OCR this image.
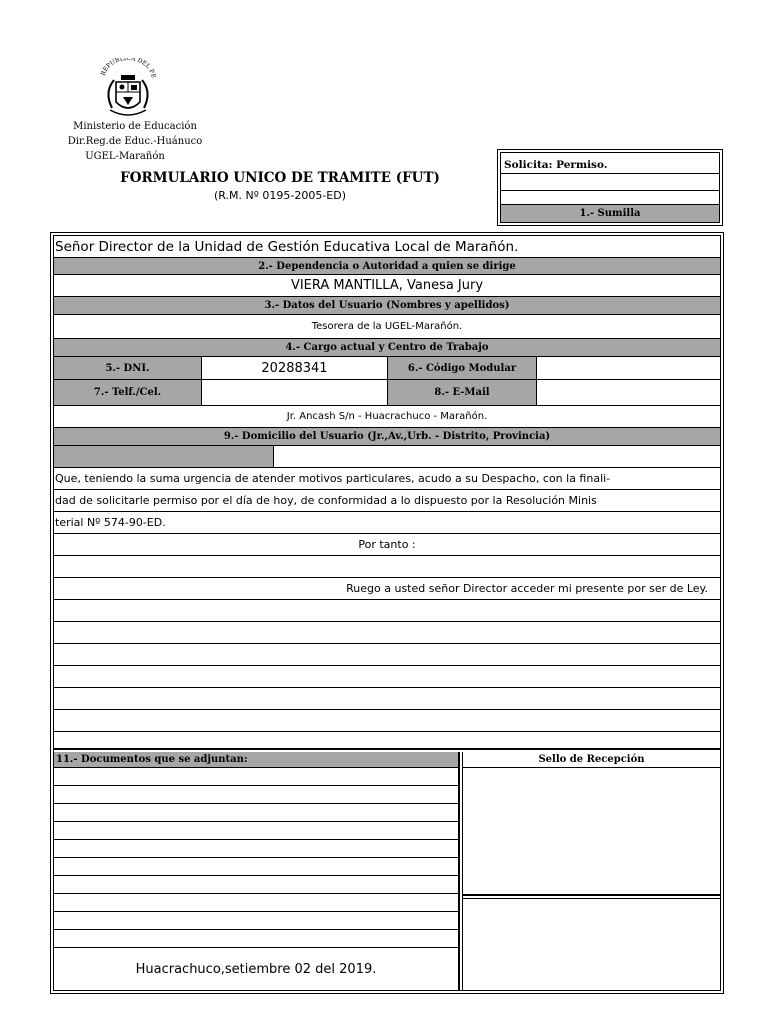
REPUBLICA DEL PE
Ministerio de Educación
Dir.Reg.de Educ.-Huánuco
UGEL-Marañón
FORMULARIO UNICO DE TRAMITE (FUT)
(R.M. Nº 0195-2005-ED)
Solicita: Permiso.
1.- Sumilla
Señor Director de la Unidad de Gestión Educativa Local de Marañón.
2.- Dependencia o Autoridad a quien se dirige
VIERA MANTILLA, Vanesa Jury
3.- Datos del Usuario (Nombres y apellidos)
Tesorera de la UGEL-Marañón.
4.- Cargo actual y Centro de Trabajo
5.- DNI.	20288341	6.- Código Modular
7.- Telf./Cel.	8.- E-Mail
Jr. Ancash S/n - Huacrachuco - Marañón.
9.- Domicilio del Usuario (Jr.,Av.,Urb. - Distrito, Provincia)
Que, teniendo la suma urgencia de atender motivos particulares, acudo a su Despacho, con la finali-
dad de solicitarle permiso por el día de hoy, de conformidad a lo dispuesto por la Resolución Minis
terial Nº 574-90-ED.
Por tanto :
Ruego a usted señor Director acceder mi presente por ser de Ley.
11.- Documentos que se adjuntan:
Huacrachuco,setiembre 02 del 2019.
Sello de Recepción
